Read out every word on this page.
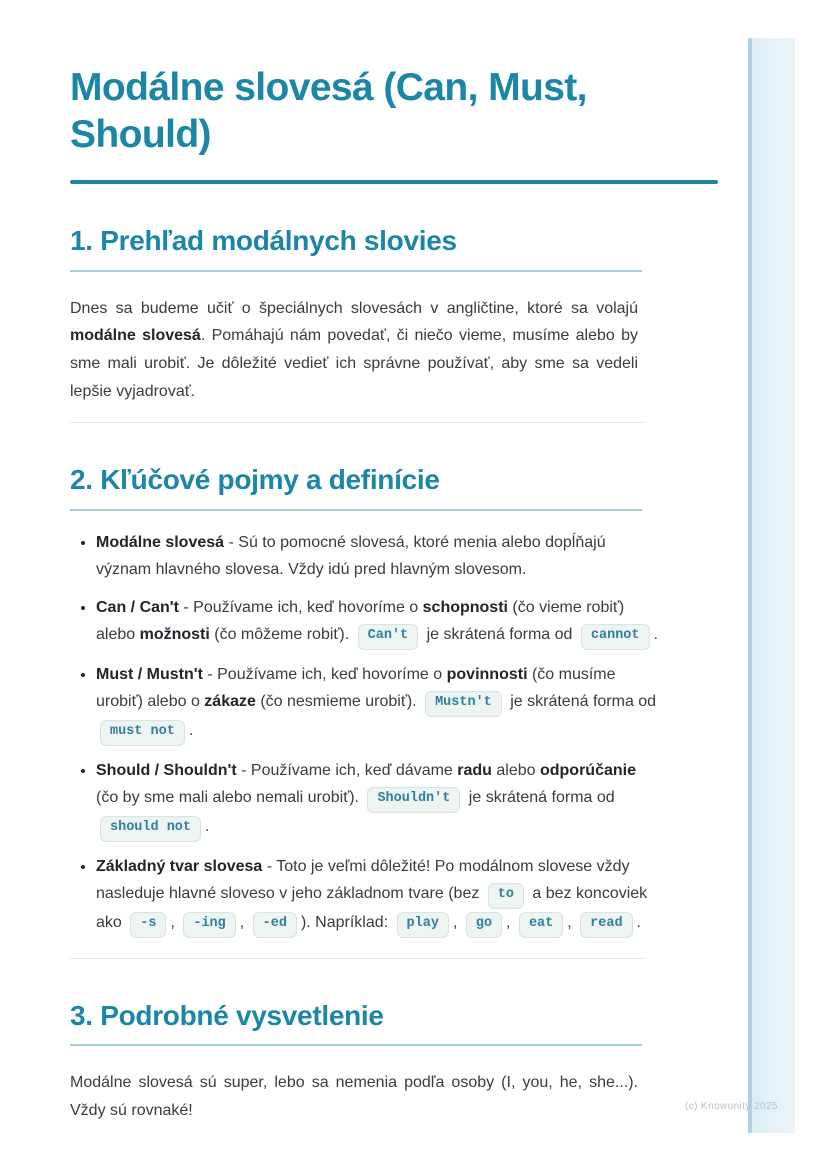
Modálne slovesá (Can, Must, Should)
1. Prehľad modálnych slovies

Dnes sa budeme učiť o špeciálnych slovesách v angličtine, ktoré sa volajú modálne slovesá. Pomáhajú nám povedať, či niečo vieme, musíme alebo by sme mali urobiť. Je dôležité vedieť ich správne používať, aby sme sa vedeli lepšie vyjadrovať.

2. Kľúčové pojmy a definície
• Modálne slovesá - Sú to pomocné slovesá, ktoré menia alebo dopĺňajú význam hlavného slovesa. Vždy idú pred hlavným slovesom.
• Can / Can't - Používame ich, keď hovoríme o schopnosti (čo vieme robiť) alebo možnosti (čo môžeme robiť). Can't je skrátená forma od cannot .
• Must / Mustn't - Používame ich, keď hovoríme o povinnosti (čo musíme urobiť) alebo o zákaze (čo nesmieme urobiť). Mustn't je skrátená forma od must not .
• Should / Shouldn't - Používame ich, keď dávame radu alebo odporúčanie (čo by sme mali alebo nemali urobiť). Shouldn't je skrátená forma od should not .
• Základný tvar slovesa - Toto je veľmi dôležité! Po modálnom slovese vždy nasleduje hlavné sloveso v jeho základnom tvare (bez to a bez koncoviek ako -s , -ing , -ed ). Napríklad: play , go , eat , read .
3. Podrobné vysvetlenie

Modálne slovesá sú super, lebo sa nemenia podľa osoby (I, you, he, she...). Vždy sú rovnaké!	(c) Knowunity 2025
